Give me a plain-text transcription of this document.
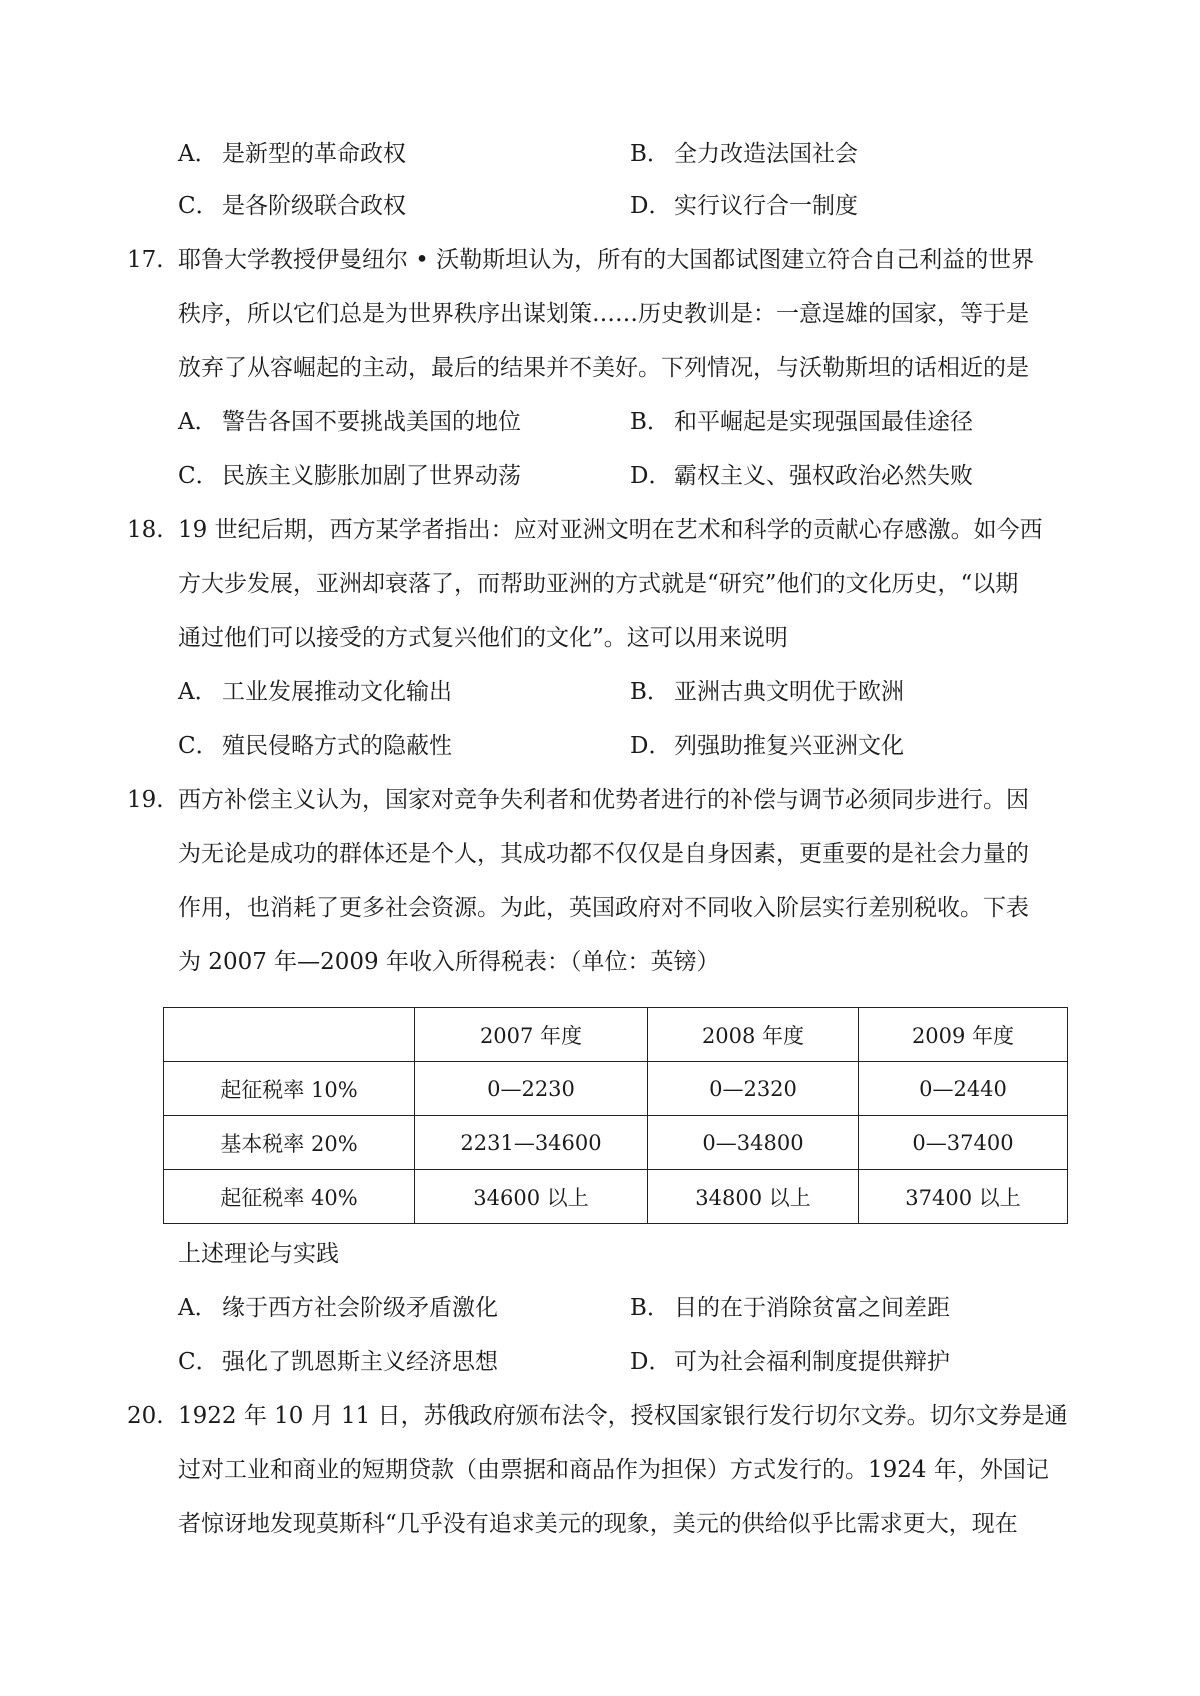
A． 是新型的革命政权	B． 全力改造法国社会
C． 是各阶级联合政权	D． 实行议行合一制度
17. 耶鲁大学教授伊曼纽尔 • 沃勒斯坦认为，所有的大国都试图建立符合自己利益的世界
秩序，所以它们总是为世界秩序出谋划策……历史教训是：一意逞雄的国家，等于是
放弃了从容崛起的主动，最后的结果并不美好。下列情况，与沃勒斯坦的话相近的是
A． 警告各国不要挑战美国的地位	B． 和平崛起是实现强国最佳途径
C． 民族主义膨胀加剧了世界动荡	D． 霸权主义、强权政治必然失败
18. 19 世纪后期，西方某学者指出：应对亚洲文明在艺术和科学的贡献心存感激。如今西
方大步发展，亚洲却衰落了，而帮助亚洲的方式就是“研究”他们的文化历史，“以期
通过他们可以接受的方式复兴他们的文化”。这可以用来说明
A． 工业发展推动文化输出	B． 亚洲古典文明优于欧洲
C． 殖民侵略方式的隐蔽性	D． 列强助推复兴亚洲文化
19. 西方补偿主义认为，国家对竞争失利者和优势者进行的补偿与调节必须同步进行。因
为无论是成功的群体还是个人，其成功都不仅仅是自身因素，更重要的是社会力量的
作用，也消耗了更多社会资源。为此，英国政府对不同收入阶层实行差别税收。下表
为 2007 年—2009 年收入所得税表：（单位：英镑）
	2007 年度	2008 年度	2009 年度
起征税率 10%	0—2230	0—2320	0—2440
基本税率 20%	2231—34600	0—34800	0—37400
起征税率 40%	34600 以上	34800 以上	37400 以上
上述理论与实践
A． 缘于西方社会阶级矛盾激化	B． 目的在于消除贫富之间差距
C． 强化了凯恩斯主义经济思想	D． 可为社会福利制度提供辩护
20. 1922 年 10 月 11 日，苏俄政府颁布法令，授权国家银行发行切尔文券。切尔文券是通
过对工业和商业的短期贷款（由票据和商品作为担保）方式发行的。1924 年，外国记
者惊讶地发现莫斯科“几乎没有追求美元的现象，美元的供给似乎比需求更大，现在
